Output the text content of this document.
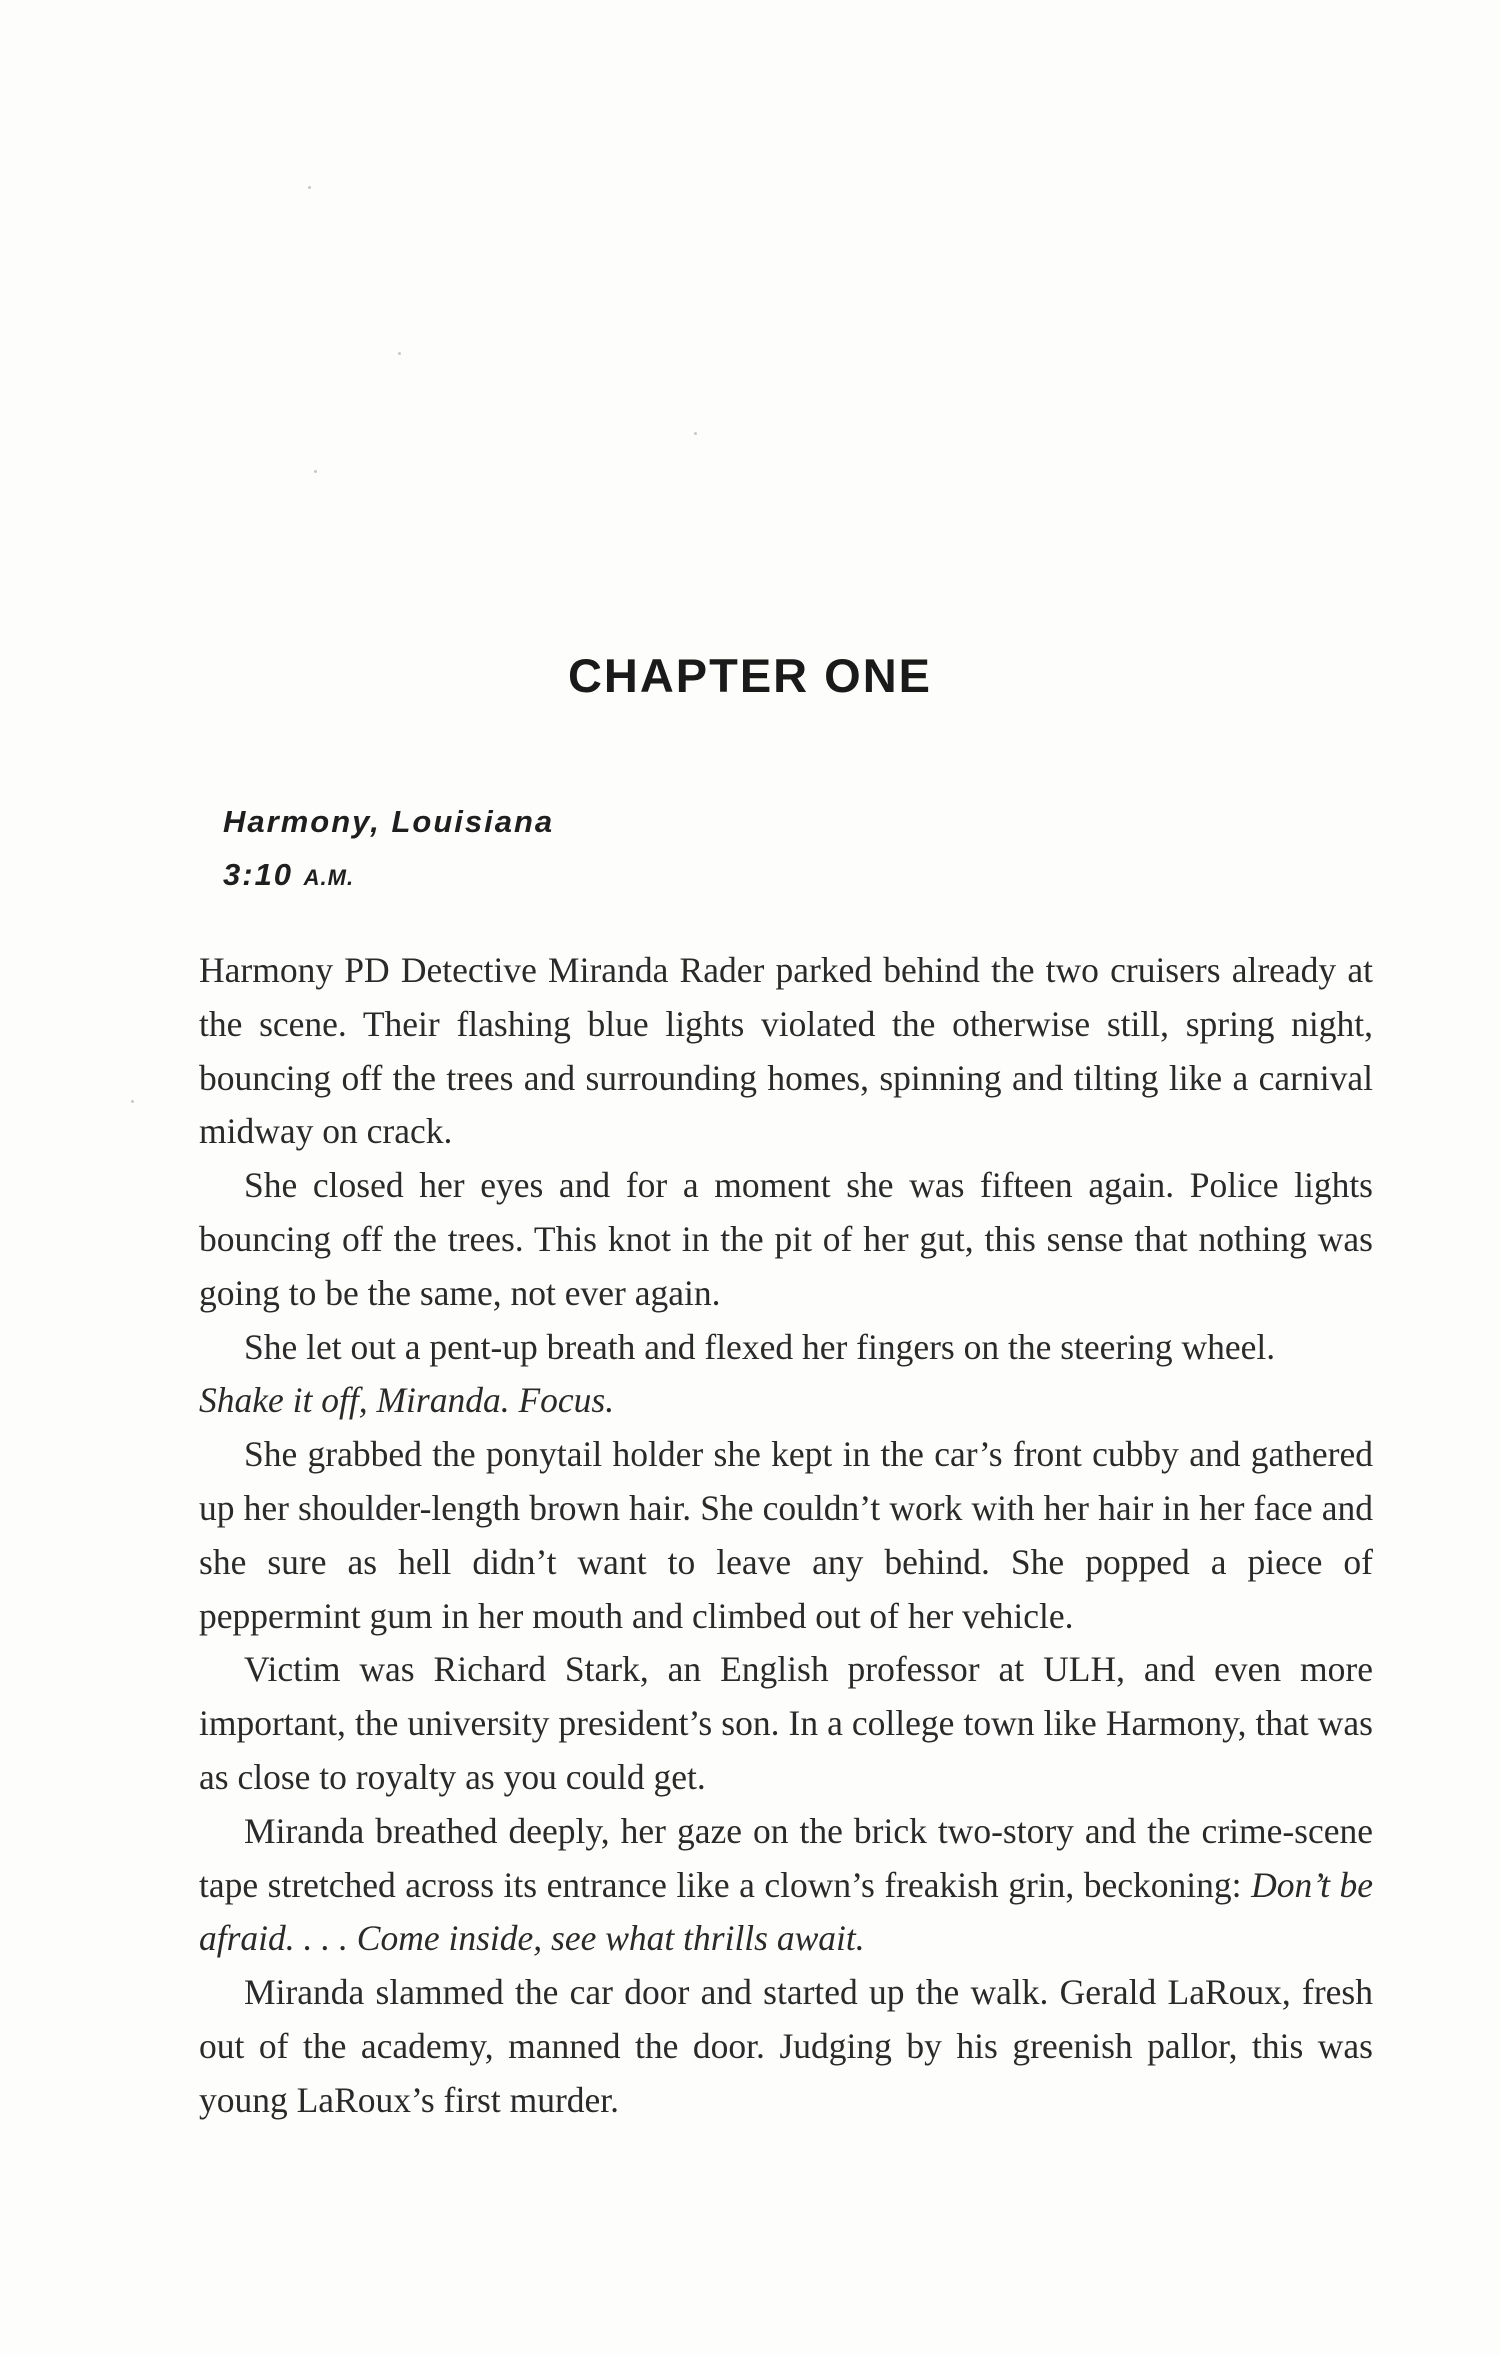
CHAPTER ONE
Harmony, Louisiana
3:10 A.M.

Harmony PD Detective Miranda Rader parked behind the two cruisers already at the scene. Their flashing blue lights violated the otherwise still, spring night, bouncing off the trees and surrounding homes, spinning and tilting like a carnival midway on crack.

She closed her eyes and for a moment she was fifteen again. Police lights bouncing off the trees. This knot in the pit of her gut, this sense that nothing was going to be the same, not ever again.

She let out a pent-up breath and flexed her fingers on the steering wheel.
Shake it off, Miranda. Focus.

She grabbed the ponytail holder she kept in the car’s front cubby and gathered up her shoulder-length brown hair. She couldn’t work with her hair in her face and she sure as hell didn’t want to leave any behind. She popped a piece of peppermint gum in her mouth and climbed out of her vehicle.

Victim was Richard Stark, an English professor at ULH, and even more important, the university president’s son. In a college town like Harmony, that was as close to royalty as you could get.

Miranda breathed deeply, her gaze on the brick two-story and the crime-scene tape stretched across its entrance like a clown’s freakish grin, beckoning: Don’t be afraid. . . . Come inside, see what thrills await.

Miranda slammed the car door and started up the walk. Gerald LaRoux, fresh out of the academy, manned the door. Judging by his greenish pallor, this was young LaRoux’s first murder.
